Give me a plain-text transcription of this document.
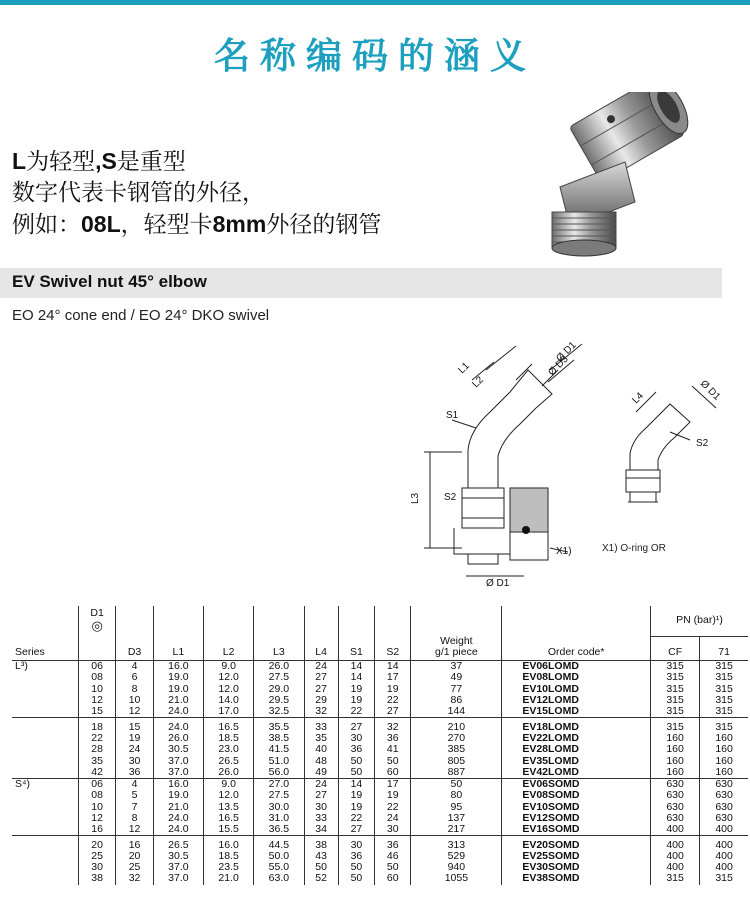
名称编码的涵义
L为轻型,S是重型
数字代表卡钢管的外径，
例如：08L，轻型卡8mm外径的钢管
EV Swivel nut 45° elbow
EO 24° cone end / EO 24° DKO swivel
L1
L2
Ø D1
Ø D3
S1
S2
L3
X1)
Ø D1
L4	Ø D1
S2
X1) O-ring OR

	D1
◎										PN (bar)¹)	
Series		D3	L1	L2	L3	L4	S1	S2	Weight
g/1 piece	Order code*	CF	71
L³)	06	4	16.0	9.0	26.0	24	14	14	37	EV06LOMD	315	315
	08	6	19.0	12.0	27.5	27	14	17	49	EV08LOMD	315	315
	10	8	19.0	12.0	29.0	27	19	19	77	EV10LOMD	315	315
	12	10	21.0	14.0	29.5	29	19	22	86	EV12LOMD	315	315
	15	12	24.0	17.0	32.5	32	22	27	144	EV15LOMD	315	315
	18	15	24.0	16.5	35.5	33	27	32	210	EV18LOMD	315	315
	22	19	26.0	18.5	38.5	35	30	36	270	EV22LOMD	160	160
	28	24	30.5	23.0	41.5	40	36	41	385	EV28LOMD	160	160
	35	30	37.0	26.5	51.0	48	50	50	805	EV35LOMD	160	160
	42	36	37.0	26.0	56.0	49	50	60	887	EV42LOMD	160	160
S⁴)	06	4	16.0	9.0	27.0	24	14	17	50	EV06SOMD	630	630
	08	5	19.0	12.0	27.5	27	19	19	80	EV08SOMD	630	630
	10	7	21.0	13.5	30.0	30	19	22	95	EV10SOMD	630	630
	12	8	24.0	16.5	31.0	33	22	24	137	EV12SOMD	630	630
	16	12	24.0	15.5	36.5	34	27	30	217	EV16SOMD	400	400
	20	16	26.5	16.0	44.5	38	30	36	313	EV20SOMD	400	400
	25	20	30.5	18.5	50.0	43	36	46	529	EV25SOMD	400	400
	30	25	37.0	23.5	55.0	50	50	50	940	EV30SOMD	400	400
	38	32	37.0	21.0	63.0	52	50	60	1055	EV38SOMD	315	315
